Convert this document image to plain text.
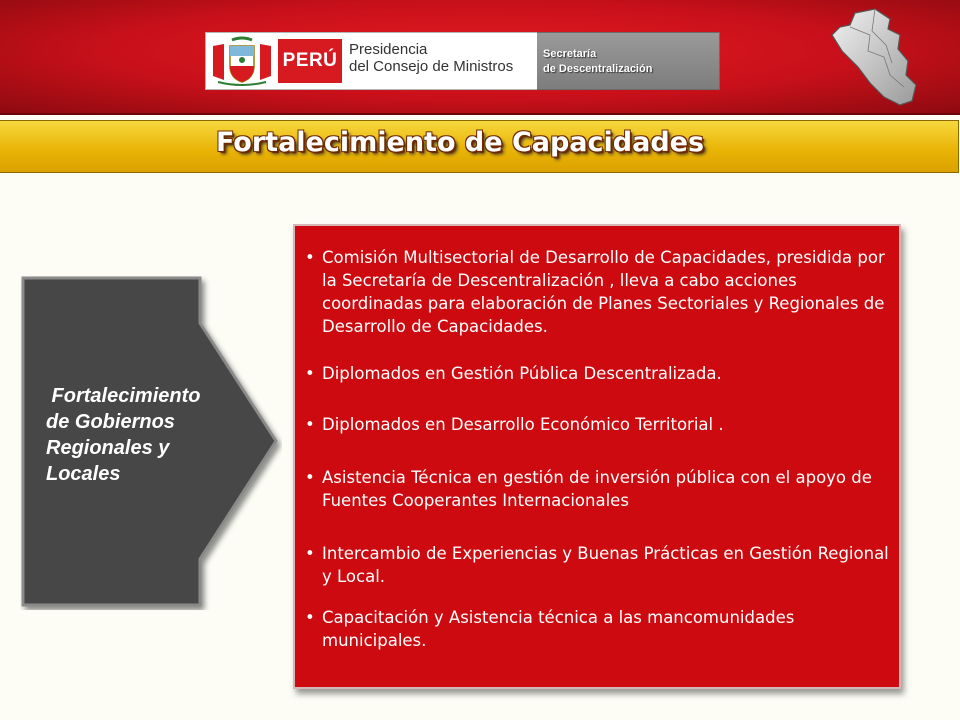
PERÚ
Presidencia
del Consejo de Ministros
Secretaría
de Descentralización
Fortalecimiento de Capacidades
Fortalecimiento
de Gobiernos
Regionales y
Locales
• Comisión Multisectorial de Desarrollo de Capacidades, presidida por la Secretaría de Descentralización , lleva a cabo acciones coordinadas para elaboración de Planes Sectoriales y Regionales de Desarrollo de Capacidades.
• Diplomados en Gestión Pública Descentralizada.
• Diplomados en Desarrollo Económico Territorial .
• Asistencia Técnica en gestión de inversión pública con el apoyo de Fuentes Cooperantes Internacionales
• Intercambio de Experiencias y Buenas Prácticas en Gestión Regional y Local.
• Capacitación y Asistencia técnica a las mancomunidades municipales.
